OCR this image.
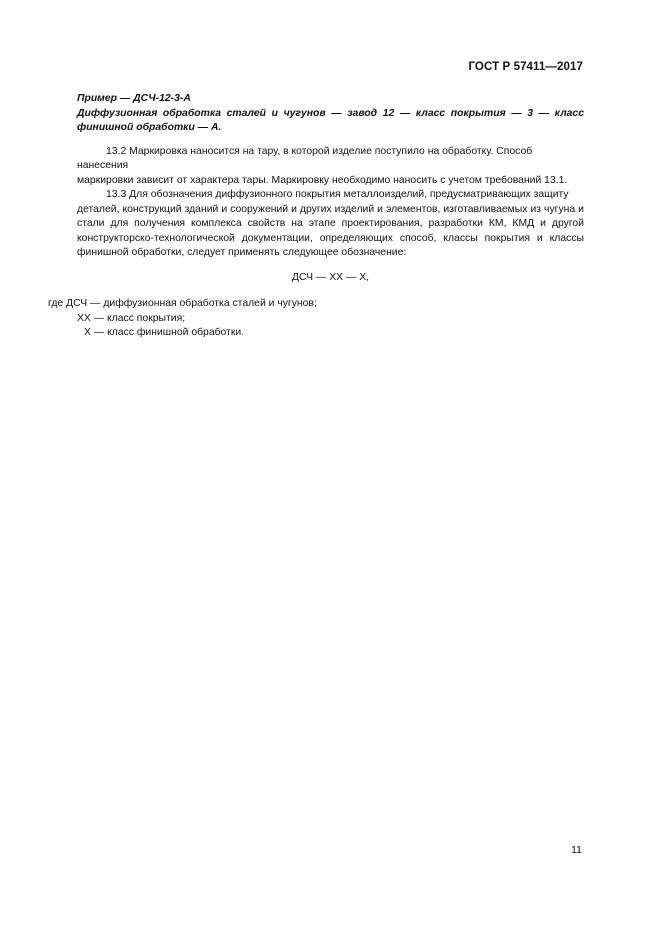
ГОСТ Р 57411—2017

Пример — ДСЧ-12-3-А

Диффузионная обработка сталей и чугунов — завод 12 — класс покрытия — 3 — класс финишной обработки — А.

13.2 Маркировка наносится на тару, в которой изделие поступило на обработку. Способ нанесения

маркировки зависит от характера тары. Маркировку необходимо наносить с учетом требований 13.1.

13.3 Для обозначения диффузионного покрытия металлоизделий, предусматривающих защиту

деталей, конструкций зданий и сооружений и других изделий и элементов, изготавливаемых из чугуна и стали для получения комплекса свойств на этапе проектирования, разработки КМ, КМД и другой конструкторско-технологической документации, определяющих способ, классы покрытия и классы финишной обработки, следует применять следующее обозначение:

ДСЧ — ХХ — Х,

где ДСЧ — диффузионная обработка сталей и чугунов;

ХХ — класс покрытия;

Х — класс финишной обработки.

11
